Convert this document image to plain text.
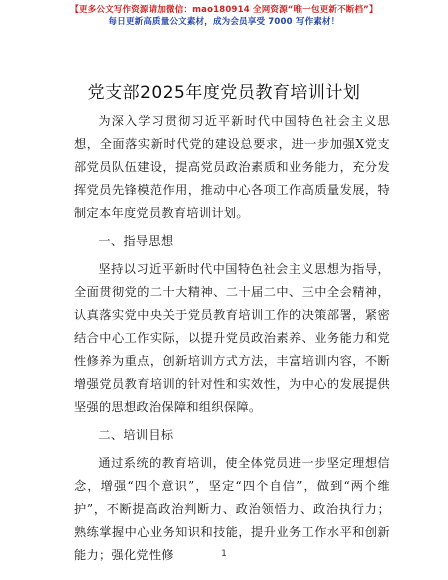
【更多公文写作资源请加微信：mao180914 全网资源“唯一包更新不断档”】
每日更新高质量公文素材，成为会员享受 7000 写作素材！
党支部2025年度党员教育培训计划

为深入学习贯彻习近平新时代中国特色社会主义思想，全面落实新时代党的建设总要求，进一步加强X党支部党员队伍建设，提高党员政治素质和业务能力，充分发挥党员先锋模范作用，推动中心各项工作高质量发展，特制定本年度党员教育培训计划。

一、指导思想

坚持以习近平新时代中国特色社会主义思想为指导，全面贯彻党的二十大精神、二十届二中、三中全会精神，认真落实党中央关于党员教育培训工作的决策部署，紧密结合中心工作实际，以提升党员政治素养、业务能力和党性修养为重点，创新培训方式方法，丰富培训内容，不断增强党员教育培训的针对性和实效性，为中心的发展提供坚强的思想政治保障和组织保障。

二、培训目标

通过系统的教育培训，使全体党员进一步坚定理想信念，增强“四个意识”，坚定“四个自信”，做到“两个维护”，不断提高政治判断力、政治领悟力、政治执行力；熟练掌握中心业务知识和技能，提升业务工作水平和创新能力；强化党性修	1
